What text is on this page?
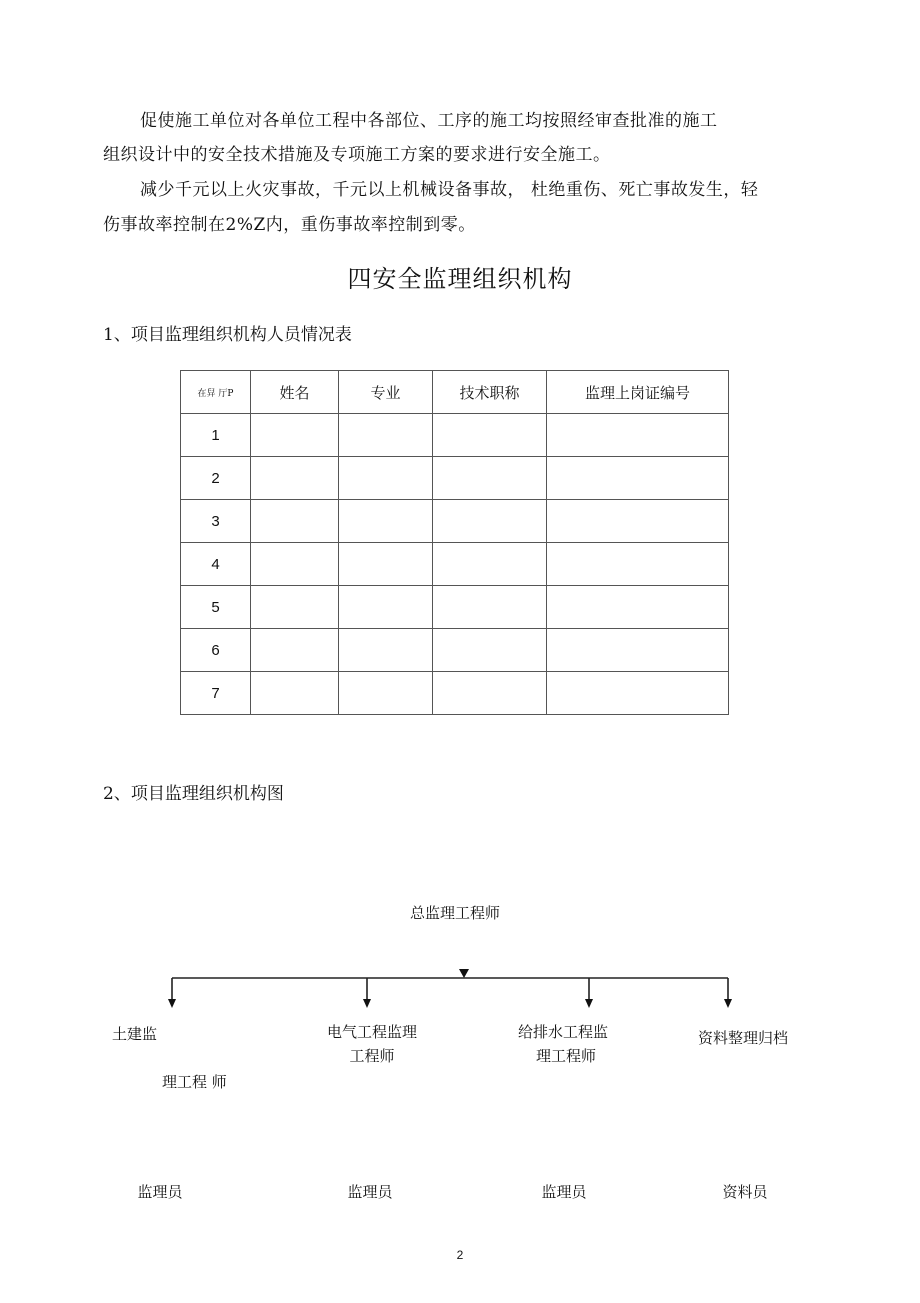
促使施工单位对各单位工程中各部位、工序的施工均按照经审查批准的施工
组织设计中的安全技术措施及专项施工方案的要求进行安全施工。
减少千元以上火灾事故，千元以上机械设备事故， 杜绝重伤、死亡事故发生，轻
伤事故率控制在2%Z内，重伤事故率控制到零。
四安全监理组织机构
1、项目监理组织机构人员情况表
在舁 厅P	姓名	专业	技术职称	监理上岗证编号
1				
2				
3				
4				
5				
6				
7				
2、项目监理组织机构图
总监理工程师
土建监
理工程 师
电气工程监理
工程师
给排水工程监
理工程师
资料整理归档
监理员	监理员	监理员	资料员
2
